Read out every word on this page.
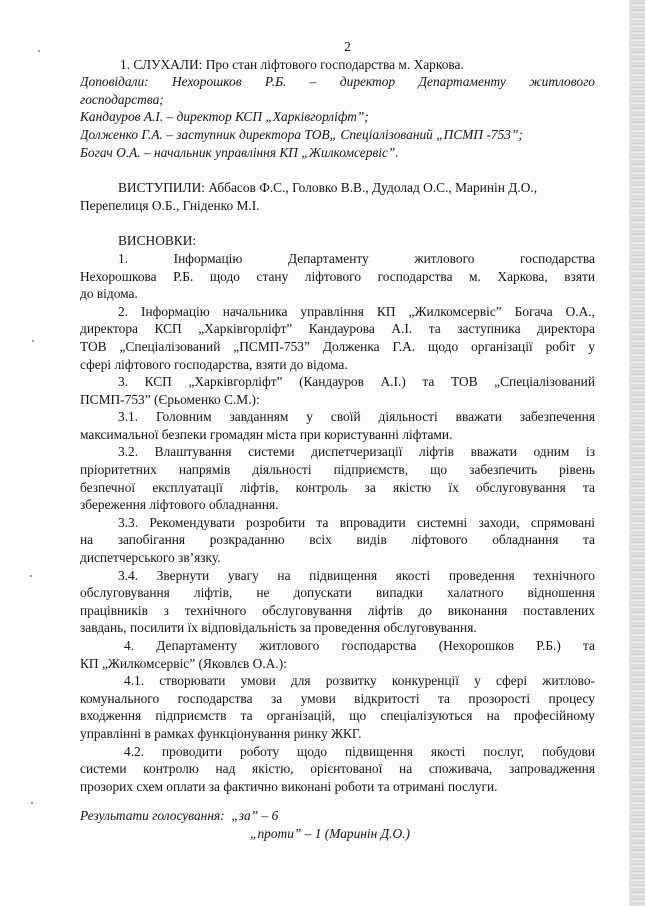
2
1. СЛУХАЛИ: Про стан ліфтового господарства м. Харкова.
Доповідали: Нехорошков Р.Б. – директор Департаменту житлового
господарства;
Кандауров А.І. – директор КСП „Харківгорліфт”;
Долженко Г.А. – заступник директора ТОВ„ Спеціалізований „ПСМП -753”;
Богач О.А. – начальник управління КП „Жилкомсервіс”.
ВИСТУПИЛИ: Аббасов Ф.С., Головко В.В., Дудолад О.С., Маринін Д.О.,
Перепелиця О.Б., Гніденко М.І.
ВИСНОВКИ:
1. Інформацію Департаменту житлового господарства
Нехорошкова Р.Б. щодо стану ліфтового господарства м. Харкова, взяти
до відома.
2. Інформацію начальника управління КП „Жилкомсервіс” Богача О.А.,
директора КСП „Харківгорліфт” Кандаурова А.І. та заступника директора
ТОВ „Спеціалізований „ПСМП-753” Долженка Г.А. щодо організації робіт у
сфері ліфтового господарства, взяти до відома.
3. КСП „Харківгорліфт” (Кандауров А.І.) та ТОВ „Спеціалізований
ПСМП-753” (Єрьоменко С.М.):
3.1. Головним завданням у своїй діяльності вважати забезпечення
максимальної безпеки громадян міста при користуванні ліфтами.
3.2. Влаштування системи диспетчеризації ліфтів вважати одним із
пріоритетних напрямів діяльності підприємств, що забезпечить рівень
безпечної експлуатації ліфтів, контроль за якістю їх обслуговування та
збереження ліфтового обладнання.
3.3. Рекомендувати розробити та впровадити системні заходи, спрямовані
на запобігання розкраданню всіх видів ліфтового обладнання та
диспетчерського зв’язку.
3.4. Звернути увагу на підвищення якості проведення технічного
обслуговування ліфтів, не допускати випадки халатного відношення
працівників з технічного обслуговування ліфтів до виконання поставлених
завдань, посилити їх відповідальність за проведення обслуговування.
4. Департаменту житлового господарства (Нехорошков Р.Б.) та
КП „Жилкомсервіс” (Яковлєв О.А.):
4.1. створювати умови для розвитку конкуренції у сфері житлово-
комунального господарства за умови відкритості та прозорості процесу
входження підприємств та організацій, що спеціалізуються на професійному
управлінні в рамках функціонування ринку ЖКГ.
4.2. проводити роботу щодо підвищення якості послуг, побудови
системи контролю над якістю, орієнтованої на споживача, запровадження
прозорих схем оплати за фактично виконані роботи та отримані послуги.
Результати голосування: „за” – 6
„проти” – 1 (Маринін Д.О.)
